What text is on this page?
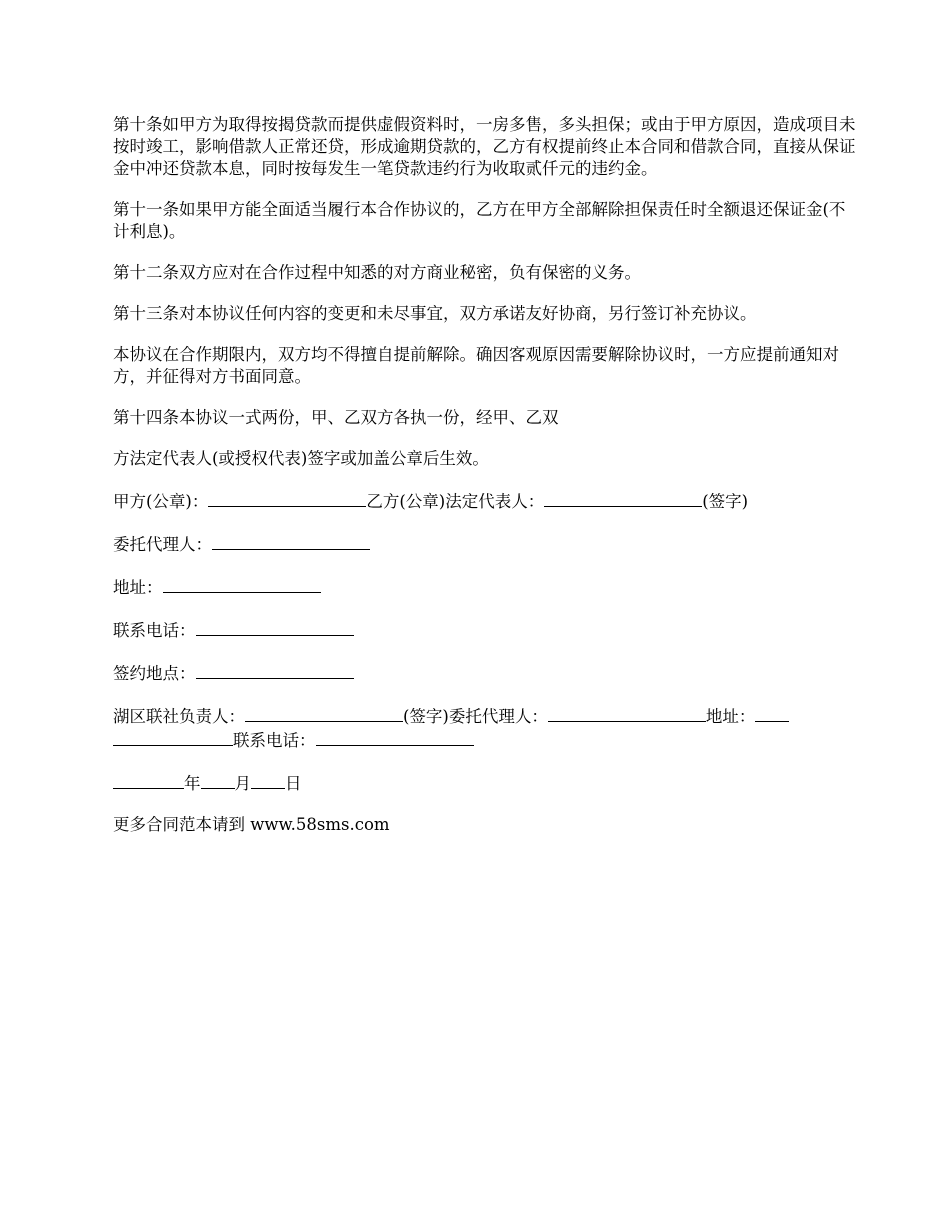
第十条如甲方为取得按揭贷款而提供虚假资料时，一房多售，多头担保；或由于甲方原因，造成项目未按时竣工，影响借款人正常还贷，形成逾期贷款的，乙方有权提前终止本合同和借款合同，直接从保证金中冲还贷款本息，同时按每发生一笔贷款违约行为收取贰仟元的违约金。

第十一条如果甲方能全面适当履行本合作协议的，乙方在甲方全部解除担保责任时全额退还保证金(不计利息)。

第十二条双方应对在合作过程中知悉的对方商业秘密，负有保密的义务。

第十三条对本协议任何内容的变更和未尽事宜，双方承诺友好协商，另行签订补充协议。

本协议在合作期限内，双方均不得擅自提前解除。确因客观原因需要解除协议时，一方应提前通知对方，并征得对方书面同意。

第十四条本协议一式两份，甲、乙双方各执一份，经甲、乙双

方法定代表人(或授权代表)签字或加盖公章后生效。

甲方(公章)：	乙方(公章)法定代表人：	(签字)

委托代理人：

地址：

联系电话：

签约地点：

湖区联社负责人：	(签字)委托代理人：	地址：
联系电话：

年 月 日

更多合同范本请到 www.58sms.com
